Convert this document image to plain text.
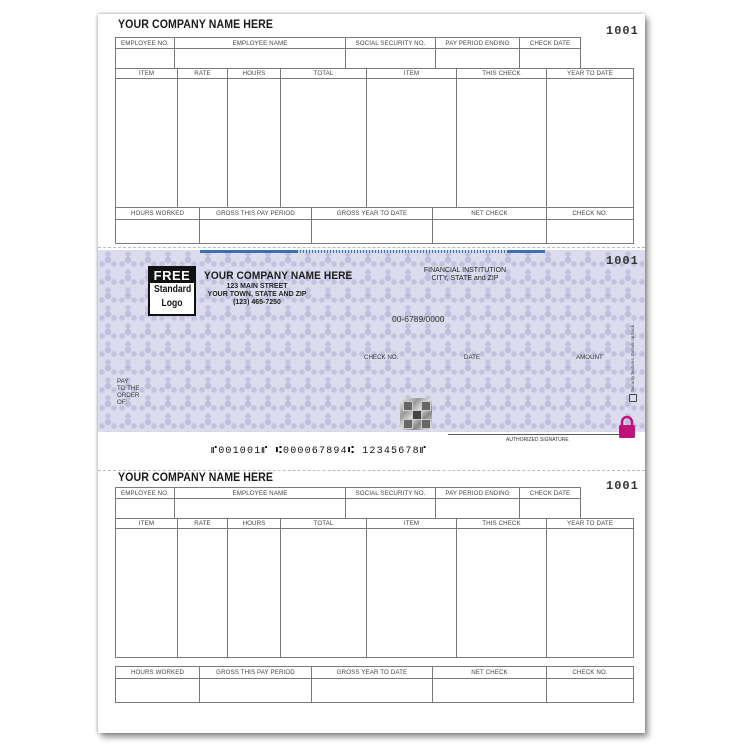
YOUR COMPANY NAME HERE	1001
EMPLOYEE NO.	EMPLOYEE NAME	SOCIAL SECURITY NO.	PAY PERIOD ENDING	CHECK DATE

ITEM	RATE	HOURS	TOTAL	ITEM	THIS CHECK	YEAR TO DATE

HOURS WORKED	GROSS THIS PAY PERIOD	GROSS YEAR TO DATE	NET CHECK	CHECK NO.

FREE
Standard
Logo
YOUR COMPANY NAME HERE
123 MAIN STREET
YOUR TOWN, STATE AND ZIP
(123) 465-7250
FINANCIAL INSTITUTION
CITY, STATE and ZIP
1001
00-6789/0000
CHECK NO.	DATE	AMOUNT
PAY
TO THE
ORDER
OF:
AUTHORIZED SIGNATURE
Security features. Details on back.
⑈001001⑈ ⑆000067894⑆ 12345678⑈
YOUR COMPANY NAME HERE
1001
EMPLOYEE NO.	EMPLOYEE NAME	SOCIAL SECURITY NO.	PAY PERIOD ENDING	CHECK DATE

ITEM	RATE	HOURS	TOTAL	ITEM	THIS CHECK	YEAR TO DATE

HOURS WORKED	GROSS THIS PAY PERIOD	GROSS YEAR TO DATE	NET CHECK	CHECK NO.
